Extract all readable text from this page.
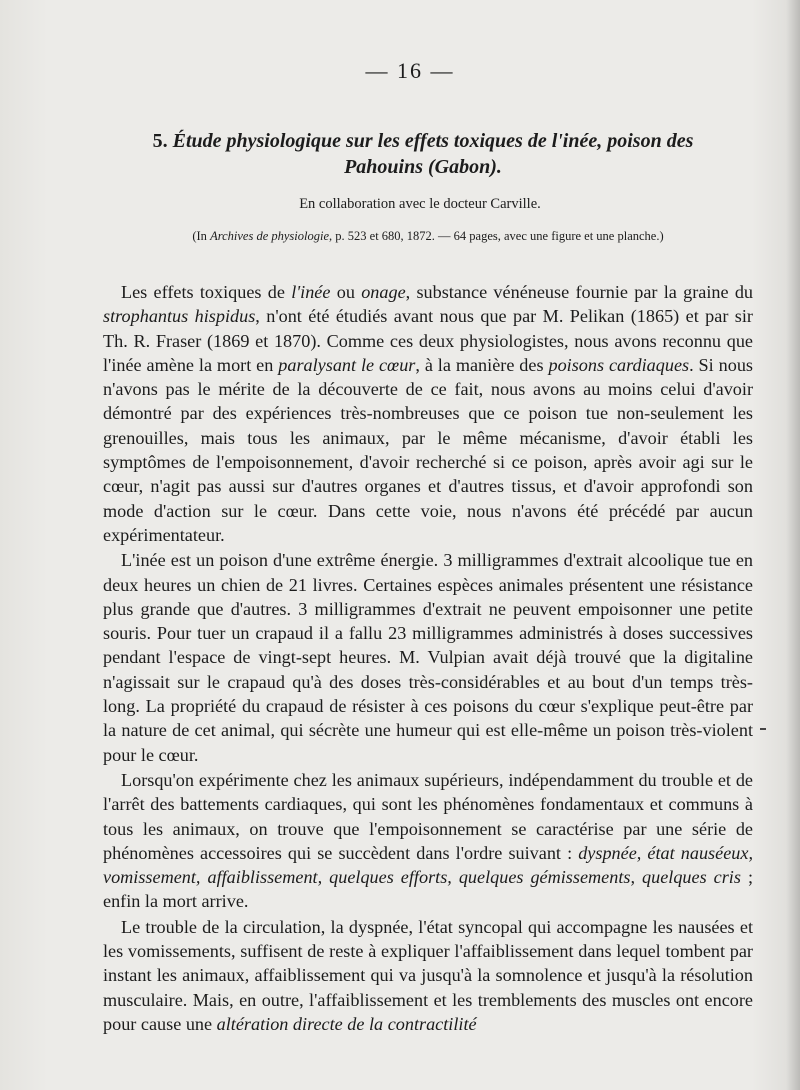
— 16 —

5. Étude physiologique sur les effets toxiques de l'inée, poison des Pahouins (Gabon).

En collaboration avec le docteur Carville.

(In Archives de physiologie, p. 523 et 680, 1872. — 64 pages, avec une figure et une planche.)

Les effets toxiques de l'inée ou onage, substance vénéneuse fournie par la graine du strophantus hispidus, n'ont été étudiés avant nous que par M. Pelikan (1865) et par sir Th. R. Fraser (1869 et 1870). Comme ces deux physiologistes, nous avons reconnu que l'inée amène la mort en paralysant le cœur, à la manière des poisons cardiaques. Si nous n'avons pas le mérite de la découverte de ce fait, nous avons au moins celui d'avoir démontré par des expériences très-nombreuses que ce poison tue non-seulement les grenouilles, mais tous les animaux, par le même mécanisme, d'avoir établi les symptômes de l'empoisonnement, d'avoir recherché si ce poison, après avoir agi sur le cœur, n'agit pas aussi sur d'autres organes et d'autres tissus, et d'avoir approfondi son mode d'action sur le cœur. Dans cette voie, nous n'avons été précédé par aucun expérimentateur.

L'inée est un poison d'une extrême énergie. 3 milligrammes d'extrait alcoolique tue en deux heures un chien de 21 livres. Certaines espèces animales présentent une résistance plus grande que d'autres. 3 milligrammes d'extrait ne peuvent empoisonner une petite souris. Pour tuer un crapaud il a fallu 23 milligrammes administrés à doses successives pendant l'espace de vingt-sept heures. M. Vulpian avait déjà trouvé que la digitaline n'agissait sur le crapaud qu'à des doses très-considérables et au bout d'un temps très-long. La propriété du crapaud de résister à ces poisons du cœur s'explique peut-être par la nature de cet animal, qui sécrète une humeur qui est elle-même un poison très-violent pour le cœur.

Lorsqu'on expérimente chez les animaux supérieurs, indépendamment du trouble et de l'arrêt des battements cardiaques, qui sont les phénomènes fondamentaux et communs à tous les animaux, on trouve que l'empoisonnement se caractérise par une série de phénomènes accessoires qui se succèdent dans l'ordre suivant : dyspnée, état nauséeux, vomissement, affaiblissement, quelques efforts, quelques gémissements, quelques cris ; enfin la mort arrive.

Le trouble de la circulation, la dyspnée, l'état syncopal qui accompagne les nausées et les vomissements, suffisent de reste à expliquer l'affaiblissement dans lequel tombent par instant les animaux, affaiblissement qui va jusqu'à la somnolence et jusqu'à la résolution musculaire. Mais, en outre, l'affaiblissement et les tremblements des muscles ont encore pour cause une altération directe de la contractilité
